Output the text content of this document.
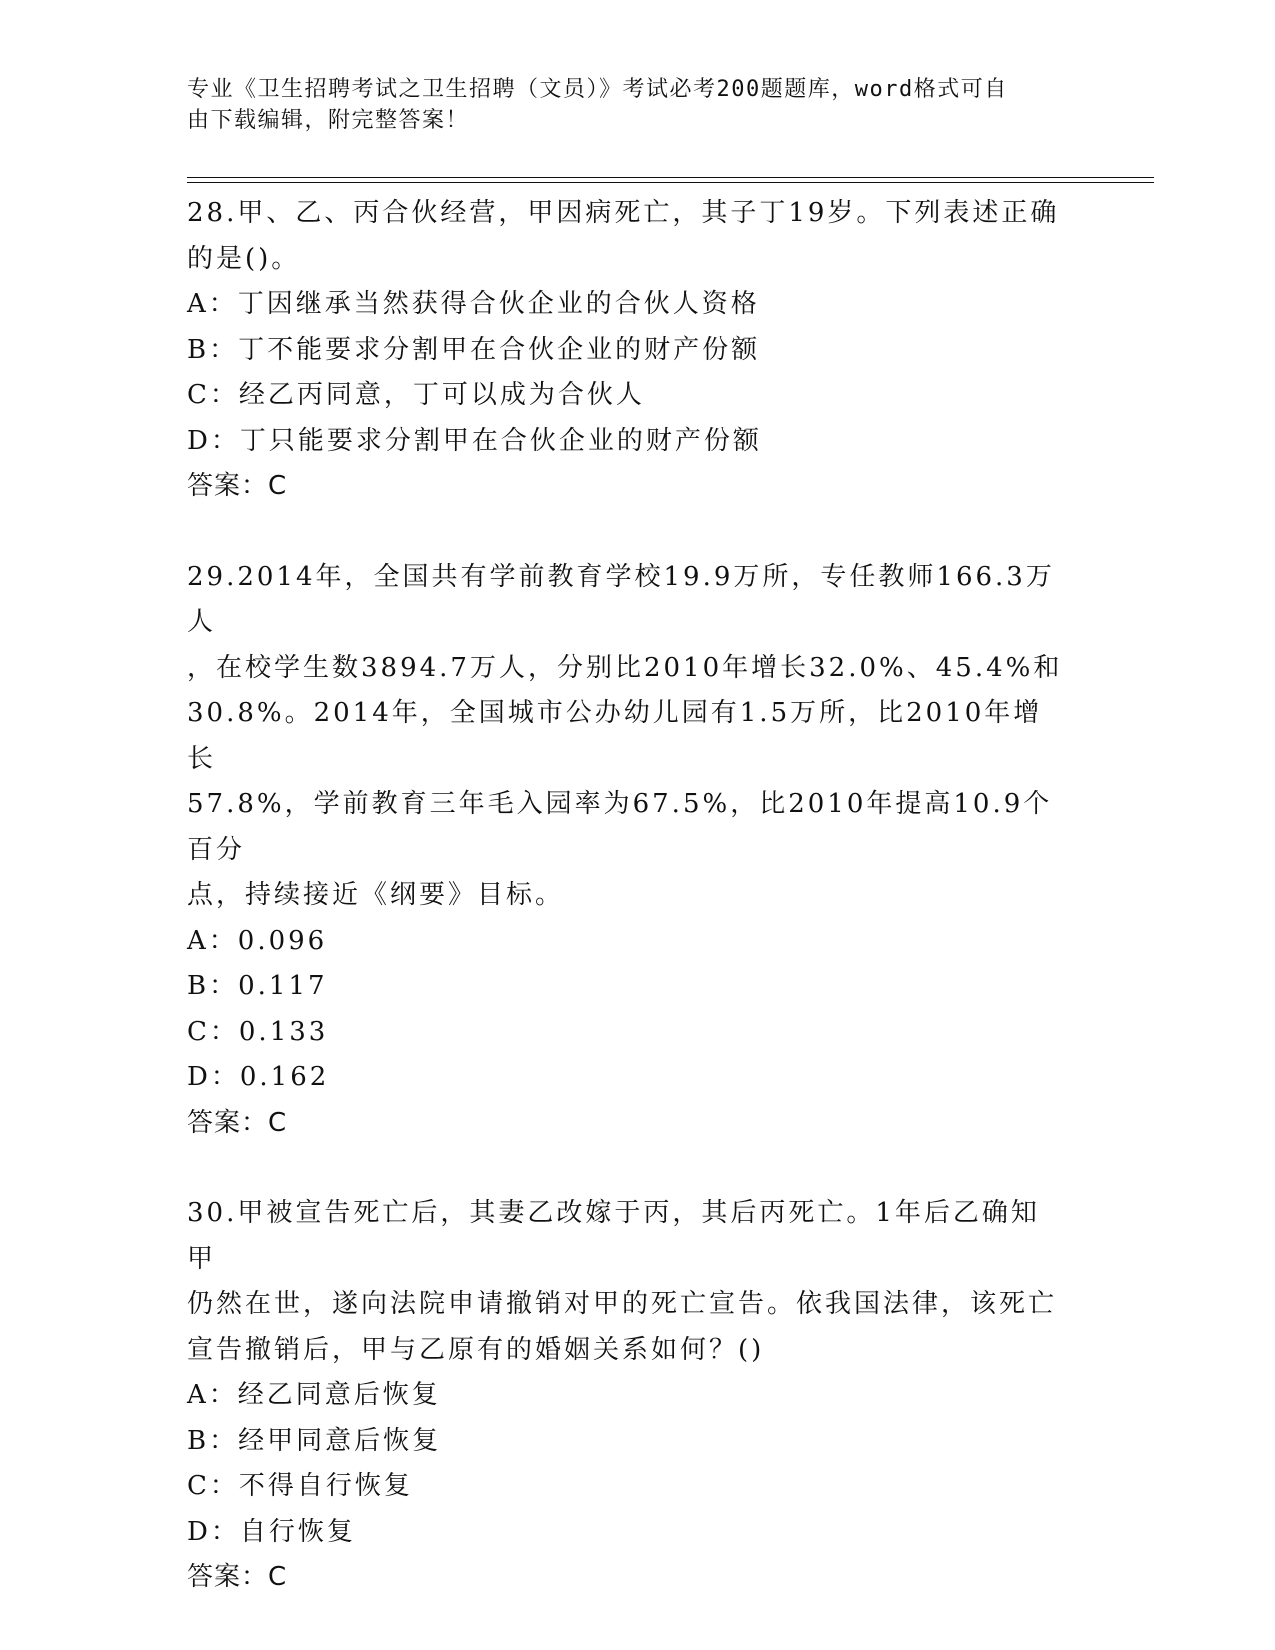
专业《卫生招聘考试之卫生招聘（文员）》考试必考200题题库，word格式可自
由下载编辑，附完整答案！

28.甲、乙、丙合伙经营，甲因病死亡，其子丁19岁。下列表述正确

的是()。

A：丁因继承当然获得合伙企业的合伙人资格

B：丁不能要求分割甲在合伙企业的财产份额

C：经乙丙同意，丁可以成为合伙人

D：丁只能要求分割甲在合伙企业的财产份额

答案：C

29.2014年，全国共有学前教育学校19.9万所，专任教师166.3万人

，在校学生数3894.7万人，分别比2010年增长32.0%、45.4%和

30.8%。2014年，全国城市公办幼儿园有1.5万所，比2010年增长

57.8%，学前教育三年毛入园率为67.5%，比2010年提高10.9个百分

点，持续接近《纲要》目标。

A：0.096

B：0.117

C：0.133

D：0.162

答案：C

30.甲被宣告死亡后，其妻乙改嫁于丙，其后丙死亡。1年后乙确知甲

仍然在世，遂向法院申请撤销对甲的死亡宣告。依我国法律，该死亡

宣告撤销后，甲与乙原有的婚姻关系如何？()

A：经乙同意后恢复

B：经甲同意后恢复

C：不得自行恢复

D：自行恢复

答案：C
